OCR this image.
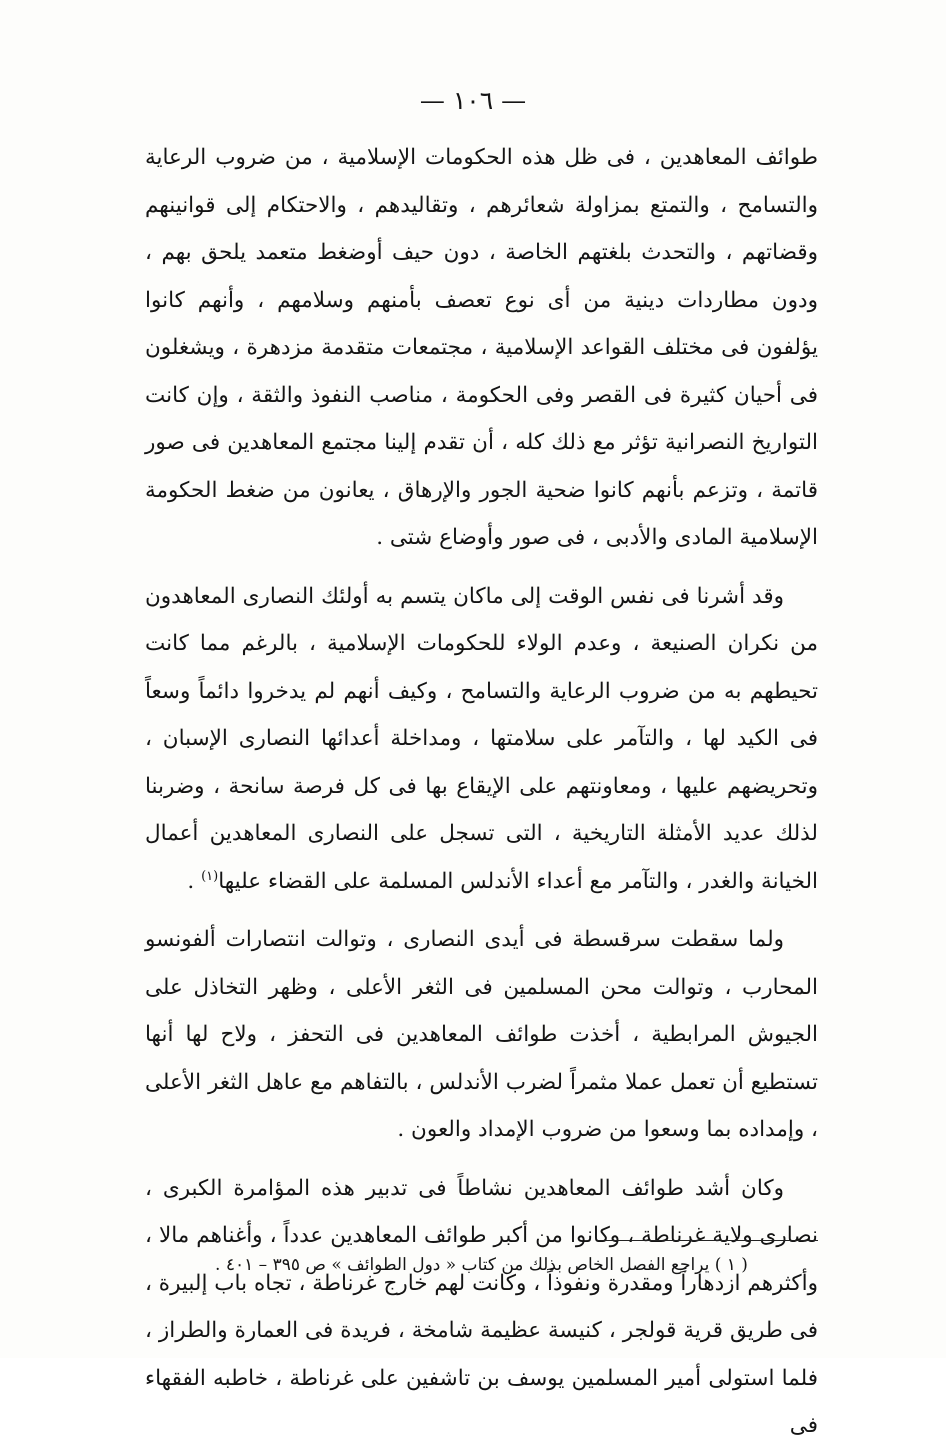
— ١٠٦ —

طوائف المعاهدين ، فى ظل هذه الحكومات الإسلامية ، من ضروب الرعاية والتسامح ، والتمتع بمزاولة شعائرهم ، وتقاليدهم ، والاحتكام إلى قوانينهم وقضاتهم ، والتحدث بلغتهم الخاصة ، دون حيف أوضغط متعمد يلحق بهم ، ودون مطاردات دينية من أى نوع تعصف بأمنهم وسلامهم ، وأنهم كانوا يؤلفون فى مختلف القواعد الإسلامية ، مجتمعات متقدمة مزدهرة ، ويشغلون فى أحيان كثيرة فى القصر وفى الحكومة ، مناصب النفوذ والثقة ، وإن كانت التواريخ النصرانية تؤثر مع ذلك كله ، أن تقدم إلينا مجتمع المعاهدين فى صور قاتمة ، وتزعم بأنهم كانوا ضحية الجور والإرهاق ، يعانون من ضغط الحكومة الإسلامية المادى والأدبى ، فى صور وأوضاع شتى .

وقد أشرنا فى نفس الوقت إلى ماكان يتسم به أولئك النصارى المعاهدون من نكران الصنيعة ، وعدم الولاء للحكومات الإسلامية ، بالرغم مما كانت تحيطهم به من ضروب الرعاية والتسامح ، وكيف أنهم لم يدخروا دائماً وسعاً فى الكيد لها ، والتآمر على سلامتها ، ومداخلة أعدائها النصارى الإسبان ، وتحريضهم عليها ، ومعاونتهم على الإيقاع بها فى كل فرصة سانحة ، وضربنا لذلك عديد الأمثلة التاريخية ، التى تسجل على النصارى المعاهدين أعمال الخيانة والغدر ، والتآمر مع أعداء الأندلس المسلمة على القضاء عليها$^{(١)}$ .

ولما سقطت سرقسطة فى أيدى النصارى ، وتوالت انتصارات ألفونسو المحارب ، وتوالت محن المسلمين فى الثغر الأعلى ، وظهر التخاذل على الجيوش المرابطية ، أخذت طوائف المعاهدين فى التحفز ، ولاح لها أنها تستطيع أن تعمل عملا مثمراً لضرب الأندلس ، بالتفاهم مع عاهل الثغر الأعلى ، وإمداده بما وسعوا من ضروب الإمداد والعون .

وكان أشد طوائف المعاهدين نشاطاً فى تدبير هذه المؤامرة الكبرى ، نصارى ولاية غرناطة ، وكانوا من أكبر طوائف المعاهدين عدداً ، وأغناهم مالا ، وأكثرهم ازدهاراً ومقدرة ونفوذاً ، وكانت لهم خارج غرناطة ، تجاه باب إلبيرة ، فى طريق قرية قولجر ، كنيسة عظيمة شامخة ، فريدة فى العمارة والطراز ، فلما استولى أمير المسلمين يوسف بن تاشفين على غرناطة ، خاطبه الفقهاء فى

( ١ ) يراجع الفصل الخاص بذلك من كتاب « دول الطوائف » ص ٣٩٥ – ٤٠١ .
